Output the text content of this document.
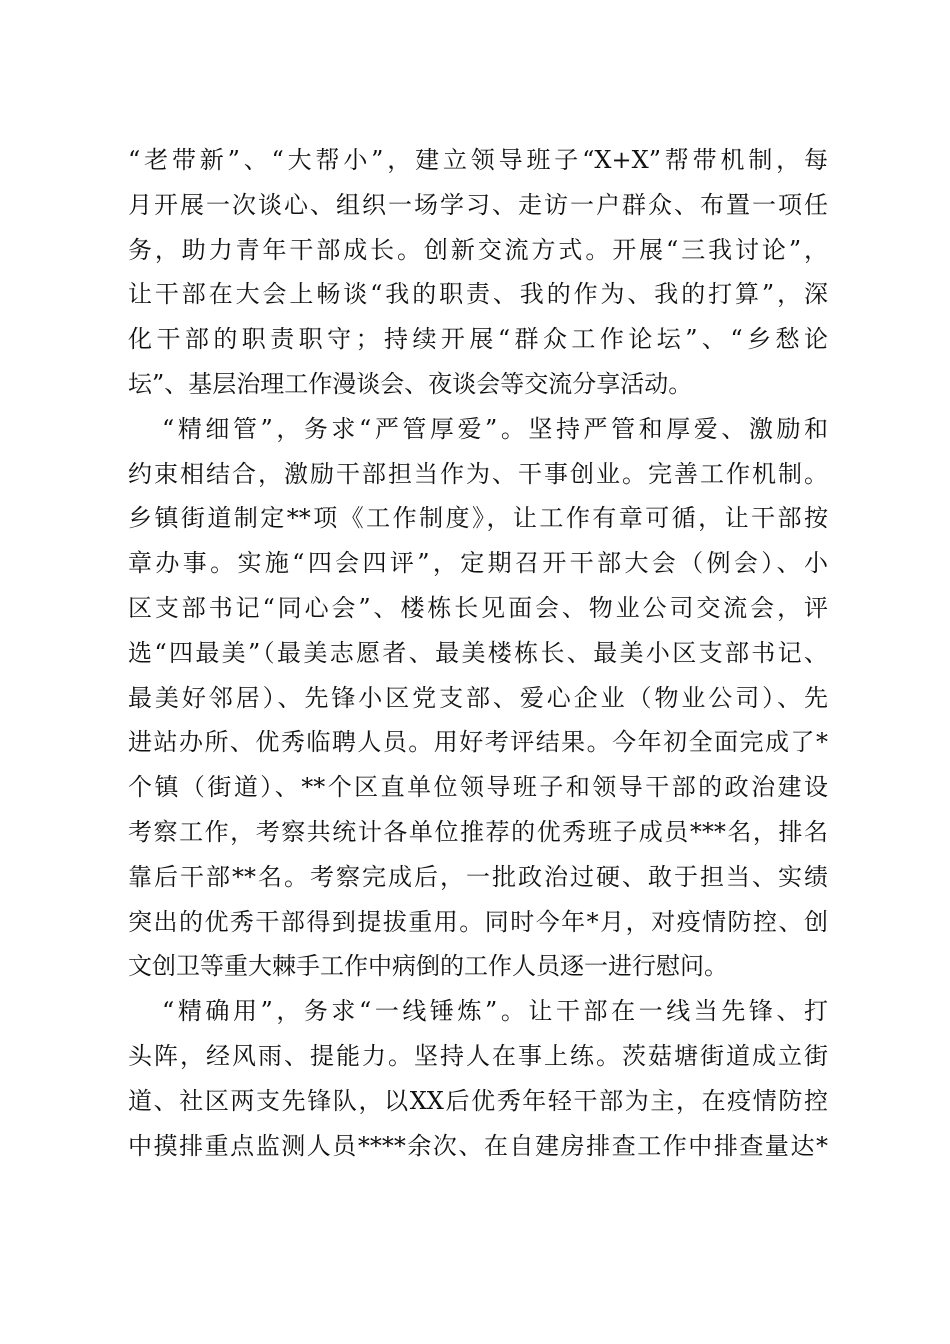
“老带新”、“大帮小”，建立领导班子“X+X”帮带机制，每
月开展一次谈心、组织一场学习、走访一户群众、布置一项任
务，助力青年干部成长。创新交流方式。开展“三我讨论”，
让干部在大会上畅谈“我的职责、我的作为、我的打算”，深
化干部的职责职守；持续开展“群众工作论坛”、“乡愁论
坛”、基层治理工作漫谈会、夜谈会等交流分享活动。
“精细管”，务求“严管厚爱”。坚持严管和厚爱、激励和
约束相结合，激励干部担当作为、干事创业。完善工作机制。
乡镇街道制定**项《工作制度》，让工作有章可循，让干部按
章办事。实施“四会四评”，定期召开干部大会（例会）、小
区支部书记“同心会”、楼栋长见面会、物业公司交流会，评
选“四最美”（最美志愿者、最美楼栋长、最美小区支部书记、
最美好邻居）、先锋小区党支部、爱心企业（物业公司）、先
进站办所、优秀临聘人员。用好考评结果。今年初全面完成了*
个镇（街道）、**个区直单位领导班子和领导干部的政治建设
考察工作，考察共统计各单位推荐的优秀班子成员***名，排名
靠后干部**名。考察完成后，一批政治过硬、敢于担当、实绩
突出的优秀干部得到提拔重用。同时今年*月，对疫情防控、创
文创卫等重大棘手工作中病倒的工作人员逐一进行慰问。
“精确用”，务求“一线锤炼”。让干部在一线当先锋、打
头阵，经风雨、提能力。坚持人在事上练。茨菇塘街道成立街
道、社区两支先锋队，以XX后优秀年轻干部为主，在疫情防控
中摸排重点监测人员****余次、在自建房排查工作中排查量达*
